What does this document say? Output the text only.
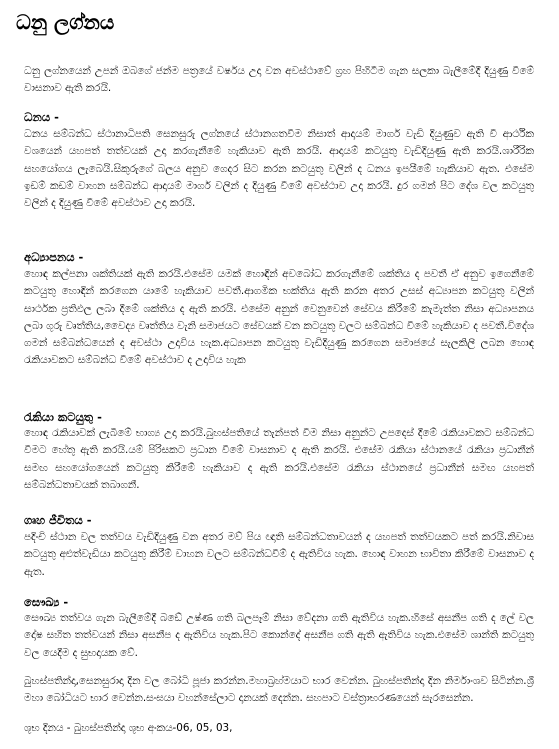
ධනු ලග්නය

ධනු ලග්නයෙන් උපන් ඔබගේ ජන්ම පත්‍රයේ වර්ෂය උදා වන අවස්ථාවේ ග්‍රහ පිහිටීම ගැන සලකා බැලීමේදී දියුණු වීමේ වාසනාව ඇති කරයි.

ධනය -

ධනය සම්බන්ධ ස්ථානාධිපති සෙනසුරු ලග්නයේ ස්ථානගතවීම නිසාත් ආදායම් මාර්ග වැඩි දියුණුව ඇති වී ආර්ථික වශයෙන් යහපත් තත්වයක් උදා කරගැනීමේ හැකියාව ඇති කරයි. ආදායම් කටයුතු වැඩිදියුණු ඇති කරයි.ශාරීරික සහයෝගය ලැබෙයි.සිකුරුගේ බලය අනුව ගෙදර සිට කරන කටයුතු වලින් ද ධනය ඉපයීමේ හැකියාව ඇත. එසේම ඉඩම් කඩම් වාහන සම්බන්ධ ආදායම් මාර්ග වලින් ද දියුණු වීමේ අවස්ථාව උදා කරයි. දුර ගමන් පිට දේශ වල කටයුතු වලින් ද දියුණු වීමේ අවස්ථාව උදා කරයි.

අධ්‍යාපනය -

හොඳ කල්පනා ශක්තියක් ඇති කරයි.එසේම යමක් හොඳින් අවබෝධ කරගැනීමේ ශක්තිය ද පවතී ඒ අනුව ඉගෙනීමේ කටයුතු හොඳින් කරගෙන යාමේ හැකියාව පවතී.ආගමික භක්තිය ඇති කරන අතර උසස් අධ්‍යාපන කටයුතු වලින් සාර්ථක ප්‍රතිඵල ලබා දීමේ ශක්තිය ද ඇති කරයි. එසේම අනුන් වෙනුවෙන් සේවය කිරීමේ කැමැත්ත නිසා අධ්‍යාපනය ලබා ගුරු වෘත්තිය,වෛද්‍ය වෘත්තිය වැනි සමාජයට සේවයක් වන කටයුතු වලට සම්බන්ධ වීමේ හැකියාව ද පවතී.විදේශ ගමන් සම්බන්ධයෙන් ද අවස්ථා උදාවිය හැක.අධ්‍යාපන කටයුතු වැඩිදියුණු කරගෙන සමාජයේ සැලකිලි ලබන හොඳ රැකියාවකට සම්බන්ධ වීමේ අවස්ථාව ද උදාවිය හැක

රැකියා කටයුතු -

හොඳ රැකියාවක් ලැබීමේ භාග්‍ය උදා කරයි.බුහස්පතියේ තැන්පත් වීම නිසා අනුන්ට උපදෙස් දීමේ රැකියාවකට සම්බන්ධ වීමට හේතු ඇති කරයි.යම් පිරිසකට ප්‍රධාන වීමේ වාසනාව ද ඇති කරයි. එසේම රැකියා ස්ථානයේ රැකියා ප්‍රධානීන් සමඟ සහයෝගයෙන් කටයුතු කිරීමේ හැකියාව ද ඇති කරයි.එසේම රැකියා ස්ථානයේ ප්‍රධානීන් සමඟ යහපත් සම්බන්ධතාවයක් තබාගනී.

ගෘහ ජීවිතය -

පදිංචි ස්ථාන වල තත්වය වැඩිදියුණු වන අතර මව් පිය ඥාති සම්බන්ධතාවයන් ද යහපත් තත්වයකට පත් කරයි.නිවාස කටයුතු අළුත්වැඩියා කටයුතු කිරීම් වාහන වලට සම්බන්ධවීම් ද ඇතිවිය හැක. හොඳ වාහන භාවිතා කිරීමේ වාසනාව ද ඇත.

සෞඛ්‍ය -

සෞඛ්‍ය තත්වය ගැන බැලීමේදී බඩේ උෂ්ණ ගති බලපෑම් නිසා වේදනා ගති ඇතිවිය හැක.හිසේ අසනීප ගති ද ලේ වල දෝෂ සහිත තත්වයන් නිසා අසනීප ද ඇතිවිය හැක.පිට කොන්දේ අසනීප ගති ඇති ඇතිවිය හැක.එසේම ශාන්ති කටයුතු වල යෙදීම ද සුභදායක වේ.

බුහස්පතින්දා,සෙනසුරාදා දින වල බෝධි පූජා කරන්න.මහාබ්‍රහ්මයාට භාර වෙන්න. බුහස්පතින්දා දින නිර්මාංශව සිටින්න.ශ්‍රී මහා බෝධියට භාර වෙන්න.සංඝයා වහන්සේලාට දානයක් දෙන්න. සහපාට වස්ත්‍රාභරණයෙන් සැරසෙන්න.

ශුභ දිනය - බුහස්පතින්දා ශුභ අංකය-06, 05, 03,
